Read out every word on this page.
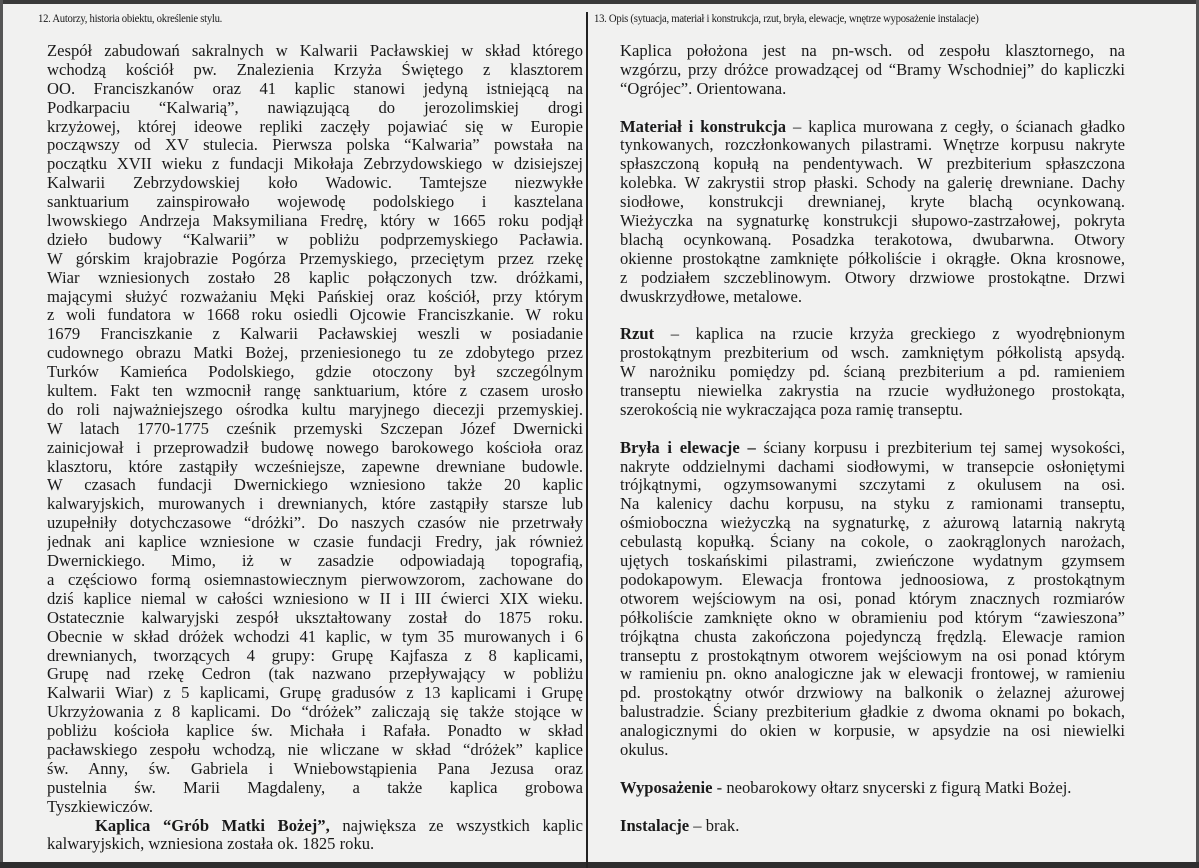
12. Autorzy, historia obiektu, określenie stylu.	13. Opis (sytuacja, materiał i konstrukcja, rzut, bryła, elewacje, wnętrze wyposażenie instalacje)
Zespół zabudowań sakralnych w Kalwarii Pacławskiej w skład którego
wchodzą kościół pw. Znalezienia Krzyża Świętego z klasztorem
OO. Franciszkanów oraz 41 kaplic stanowi jedyną istniejącą na
Podkarpaciu “Kalwarią”, nawiązującą do jerozolimskiej drogi
krzyżowej, której ideowe repliki zaczęły pojawiać się w Europie
począwszy od XV stulecia. Pierwsza polska “Kalwaria” powstała na
początku XVII wieku z fundacji Mikołaja Zebrzydowskiego w dzisiejszej
Kalwarii Zebrzydowskiej koło Wadowic. Tamtejsze niezwykłe
sanktuarium zainspirowało wojewodę podolskiego i kasztelana
lwowskiego Andrzeja Maksymiliana Fredrę, który w 1665 roku podjął
dzieło budowy “Kalwarii” w pobliżu podprzemyskiego Pacławia.
W górskim krajobrazie Pogórza Przemyskiego, przeciętym przez rzekę
Wiar wzniesionych zostało 28 kaplic połączonych tzw. dróżkami,
mającymi służyć rozważaniu Męki Pańskiej oraz kościół, przy którym
z woli fundatora w 1668 roku osiedli Ojcowie Franciszkanie. W roku
1679 Franciszkanie z Kalwarii Pacławskiej weszli w posiadanie
cudownego obrazu Matki Bożej, przeniesionego tu ze zdobytego przez
Turków Kamieńca Podolskiego, gdzie otoczony był szczególnym
kultem. Fakt ten wzmocnił rangę sanktuarium, które z czasem urosło
do roli najważniejszego ośrodka kultu maryjnego diecezji przemyskiej.
W latach 1770-1775 cześnik przemyski Szczepan Józef Dwernicki
zainicjował i przeprowadził budowę nowego barokowego kościoła oraz
klasztoru, które zastąpiły wcześniejsze, zapewne drewniane budowle.
W czasach fundacji Dwernickiego wzniesiono także 20 kaplic
kalwaryjskich, murowanych i drewnianych, które zastąpiły starsze lub
uzupełniły dotychczasowe “dróżki”. Do naszych czasów nie przetrwały
jednak ani kaplice wzniesione w czasie fundacji Fredry, jak również
Dwernickiego. Mimo, iż w zasadzie odpowiadają topografią,
a częściowo formą osiemnastowiecznym pierwowzorom, zachowane do
dziś kaplice niemal w całości wzniesiono w II i III ćwierci XIX wieku.
Ostatecznie kalwaryjski zespół ukształtowany został do 1875 roku.
Obecnie w skład dróżek wchodzi 41 kaplic, w tym 35 murowanych i 6
drewnianych, tworzących 4 grupy: Grupę Kajfasza z 8 kaplicami,
Grupę nad rzekę Cedron (tak nazwano przepływający w pobliżu
Kalwarii Wiar) z 5 kaplicami, Grupę gradusów z 13 kaplicami i Grupę
Ukrzyżowania z 8 kaplicami. Do “dróżek” zaliczają się także stojące w
pobliżu kościoła kaplice św. Michała i Rafała. Ponadto w skład
pacławskiego zespołu wchodzą, nie wliczane w skład “dróżek” kaplice
św. Anny, św. Gabriela i Wniebowstąpienia Pana Jezusa oraz
pustelnia św. Marii Magdaleny, a także kaplica grobowa
Tyszkiewiczów.
Kaplica “Grób Matki Bożej”, największa ze wszystkich kaplic
kalwaryjskich, wzniesiona została ok. 1825 roku.
Kaplica położona jest na pn-wsch. od zespołu klasztornego, na
wzgórzu, przy dróżce prowadzącej od “Bramy Wschodniej” do kapliczki
“Ogrójec”. Orientowana.
Materiał i konstrukcja – kaplica murowana z cegły, o ścianach gładko
tynkowanych, rozczłonkowanych pilastrami. Wnętrze korpusu nakryte
spłaszczoną kopułą na pendentywach. W prezbiterium spłaszczona
kolebka. W zakrystii strop płaski. Schody na galerię drewniane. Dachy
siodłowe, konstrukcji drewnianej, kryte blachą ocynkowaną.
Wieżyczka na sygnaturkę konstrukcji słupowo-zastrzałowej, pokryta
blachą ocynkowaną. Posadzka terakotowa, dwubarwna. Otwory
okienne prostokątne zamknięte półkoliście i okrągłe. Okna krosnowe,
z podziałem szczeblinowym. Otwory drzwiowe prostokątne. Drzwi
dwuskrzydłowe, metalowe.
Rzut – kaplica na rzucie krzyża greckiego z wyodrębnionym
prostokątnym prezbiterium od wsch. zamkniętym półkolistą apsydą.
W narożniku pomiędzy pd. ścianą prezbiterium a pd. ramieniem
transeptu niewielka zakrystia na rzucie wydłużonego prostokąta,
szerokością nie wykraczająca poza ramię transeptu.
Bryła i elewacje – ściany korpusu i prezbiterium tej samej wysokości,
nakryte oddzielnymi dachami siodłowymi, w transepcie osłoniętymi
trójkątnymi, ogzymsowanymi szczytami z okulusem na osi.
Na kalenicy dachu korpusu, na styku z ramionami transeptu,
ośmioboczna wieżyczką na sygnaturkę, z ażurową latarnią nakrytą
cebulastą kopułką. Ściany na cokole, o zaokrąglonych narożach,
ujętych toskańskimi pilastrami, zwieńczone wydatnym gzymsem
podokapowym. Elewacja frontowa jednoosiowa, z prostokątnym
otworem wejściowym na osi, ponad którym znacznych rozmiarów
półkoliście zamknięte okno w obramieniu pod którym “zawieszona”
trójkątna chusta zakończona pojedynczą frędzlą. Elewacje ramion
transeptu z prostokątnym otworem wejściowym na osi ponad którym
w ramieniu pn. okno analogiczne jak w elewacji frontowej, w ramieniu
pd. prostokątny otwór drzwiowy na balkonik o żelaznej ażurowej
balustradzie. Ściany prezbiterium gładkie z dwoma oknami po bokach,
analogicznymi do okien w korpusie, w apsydzie na osi niewielki
okulus.
Wyposażenie - neobarokowy ołtarz snycerski z figurą Matki Bożej.
Instalacje – brak.
